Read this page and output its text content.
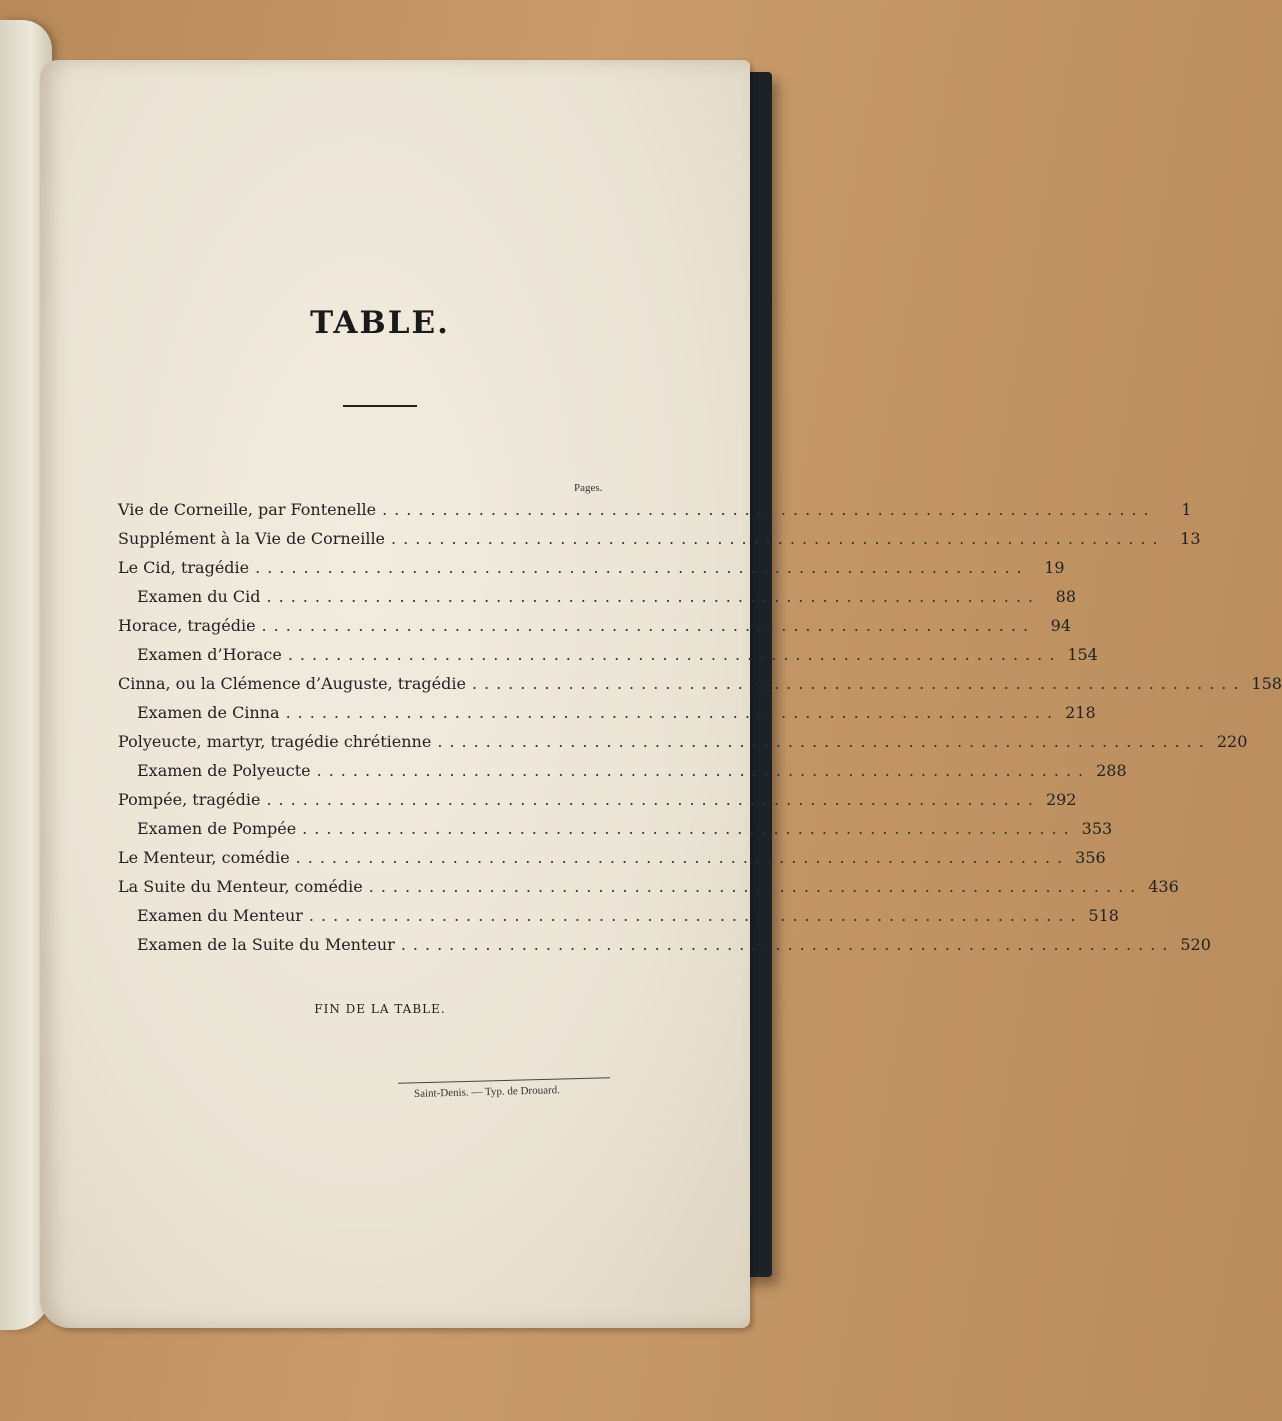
TABLE.
Pages.
Vie de Corneille, par Fontenelle ................................................................	1
Supplément à la Vie de Corneille ................................................................ 13
Le Cid, tragédie ................................................................ 19
Examen du Cid ................................................................ 88
Horace, tragédie ................................................................ 94
Examen d’Horace ................................................................ 154
Cinna, ou la Clémence d’Auguste, tragédie ................................................................ 158
Examen de Cinna ................................................................ 218
Polyeucte, martyr, tragédie chrétienne ................................................................ 220
Examen de Polyeucte ................................................................ 288
Pompée, tragédie ................................................................ 292
Examen de Pompée ................................................................ 353
Le Menteur, comédie ................................................................ 356
La Suite du Menteur, comédie ................................................................ 436
Examen du Menteur ................................................................ 518
Examen de la Suite du Menteur ................................................................ 520
FIN DE LA TABLE.
Saint-Denis. — Typ. de Drouard.
